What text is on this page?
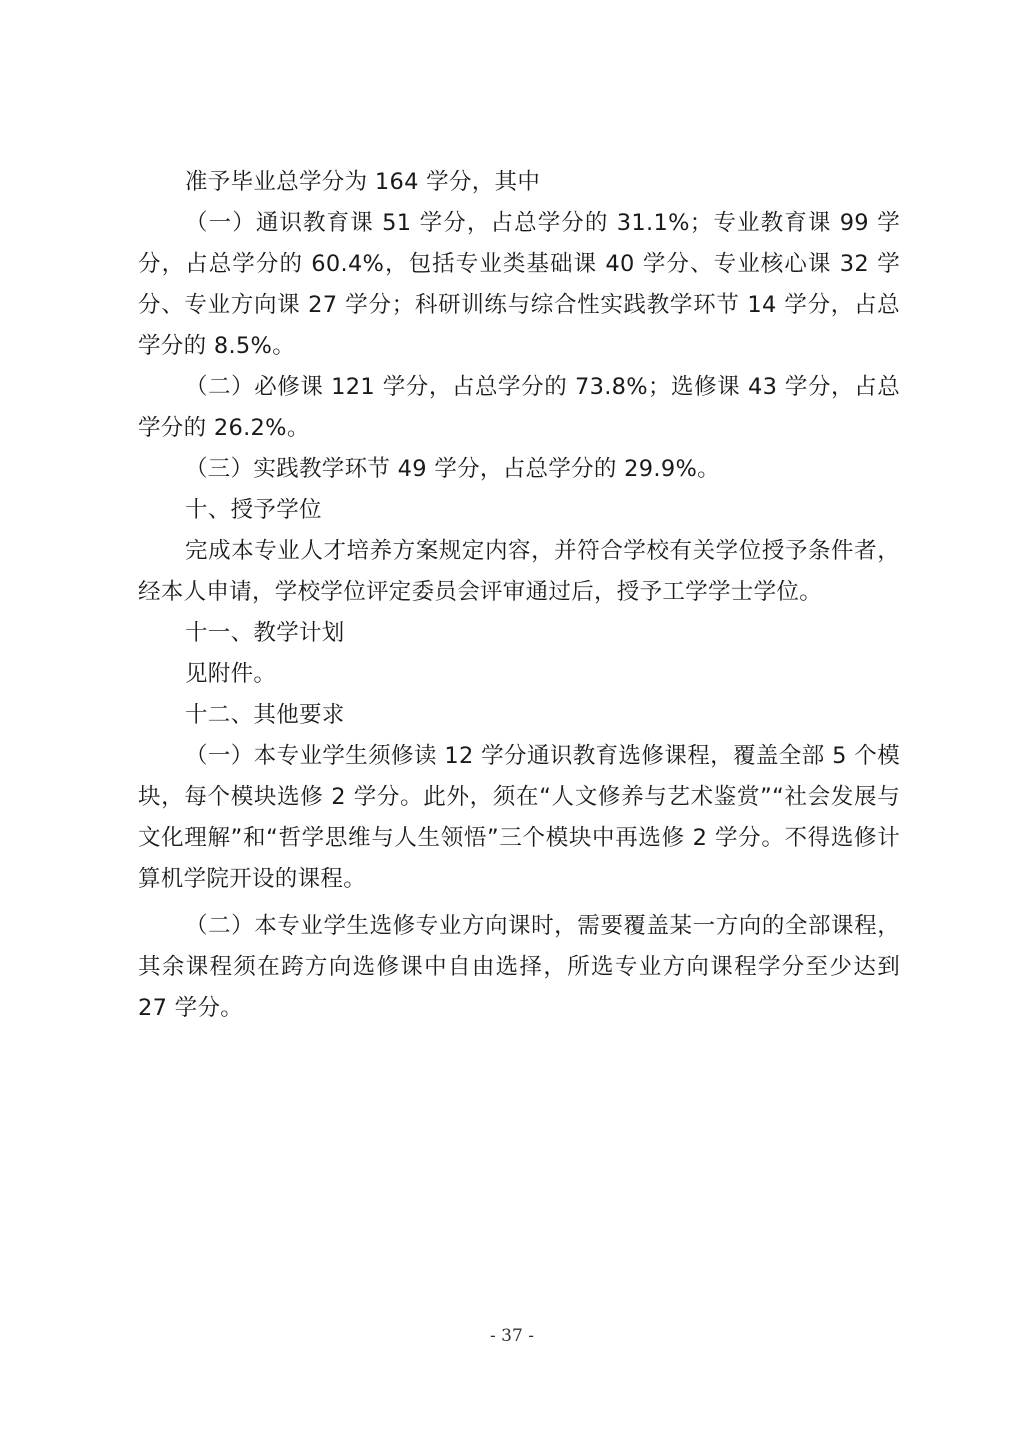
准予毕业总学分为 164 学分，其中

（一）通识教育课 51 学分，占总学分的 31.1%；专业教育课 99 学分，占总学分的 60.4%，包括专业类基础课 40 学分、专业核心课 32 学分、专业方向课 27 学分；科研训练与综合性实践教学环节 14 学分，占总学分的 8.5%。

（二）必修课 121 学分，占总学分的 73.8%；选修课 43 学分，占总学分的 26.2%。

（三）实践教学环节 49 学分，占总学分的 29.9%。

十、授予学位

完成本专业人才培养方案规定内容，并符合学校有关学位授予条件者，经本人申请，学校学位评定委员会评审通过后，授予工学学士学位。

十一、教学计划

见附件。

十二、其他要求

（一）本专业学生须修读 12 学分通识教育选修课程，覆盖全部 5 个模块，每个模块选修 2 学分。此外，须在“人文修养与艺术鉴赏”“社会发展与文化理解”和“哲学思维与人生领悟”三个模块中再选修 2 学分。不得选修计算机学院开设的课程。

（二）本专业学生选修专业方向课时，需要覆盖某一方向的全部课程，其余课程须在跨方向选修课中自由选择，所选专业方向课程学分至少达到 27 学分。

- 37 -
